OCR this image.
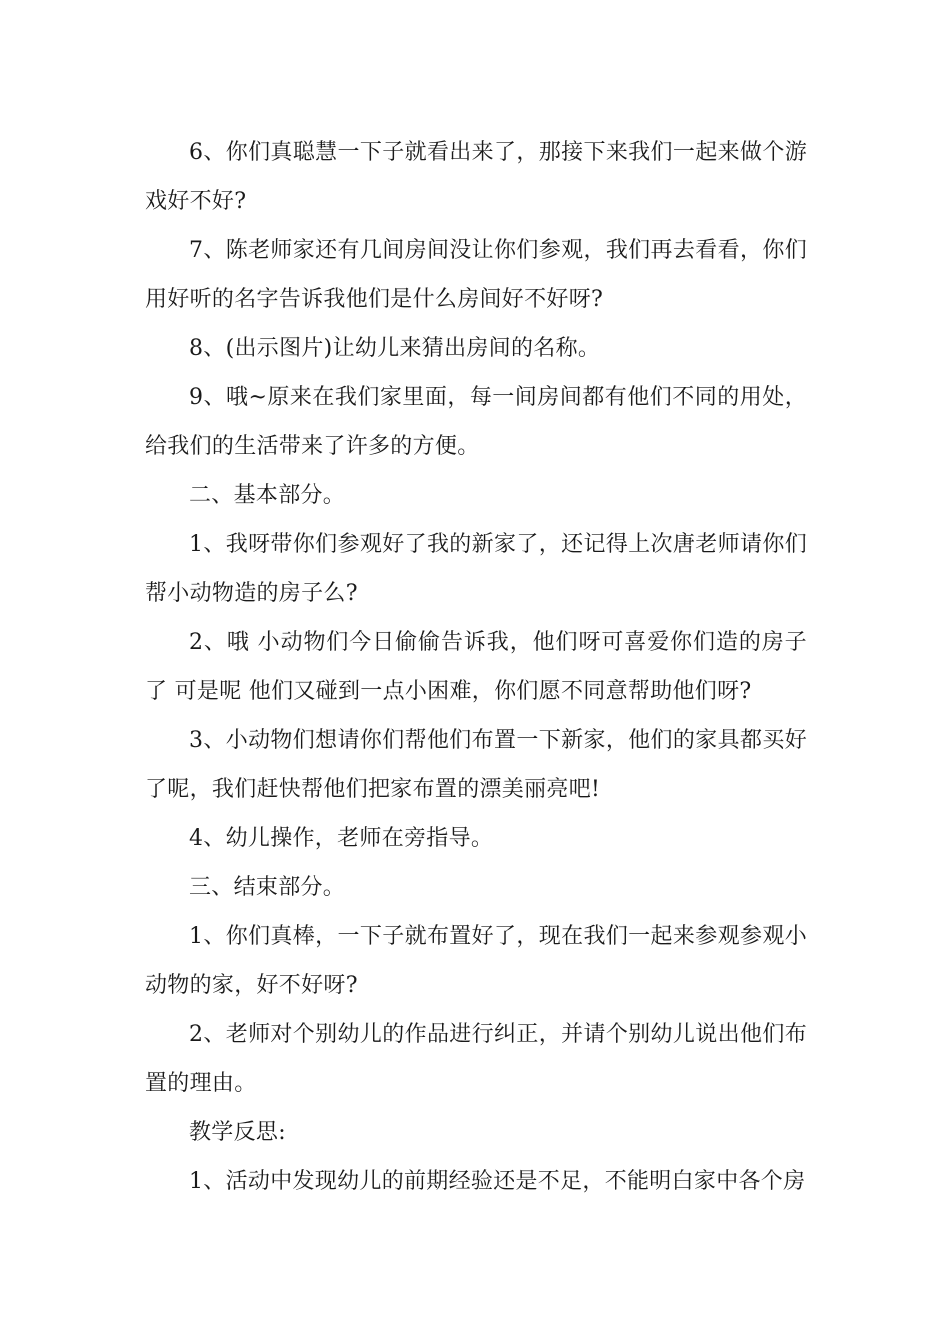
6、你们真聪慧一下子就看出来了，那接下来我们一起来做个游戏好不好?

7、陈老师家还有几间房间没让你们参观，我们再去看看，你们用好听的名字告诉我他们是什么房间好不好呀?

8、(出示图片)让幼儿来猜出房间的名称。

9、哦~原来在我们家里面，每一间房间都有他们不同的用处，给我们的生活带来了许多的方便。

二、基本部分。

1、我呀带你们参观好了我的新家了，还记得上次唐老师请你们帮小动物造的房子么?

2、哦 小动物们今日偷偷告诉我，他们呀可喜爱你们造的房子了 可是呢 他们又碰到一点小困难，你们愿不同意帮助他们呀?

3、小动物们想请你们帮他们布置一下新家，他们的家具都买好了呢，我们赶快帮他们把家布置的漂美丽亮吧!

4、幼儿操作，老师在旁指导。

三、结束部分。

1、你们真棒，一下子就布置好了，现在我们一起来参观参观小动物的家，好不好呀?

2、老师对个别幼儿的作品进行纠正，并请个别幼儿说出他们布置的理由。

教学反思:

1、活动中发现幼儿的前期经验还是不足，不能明白家中各个房
